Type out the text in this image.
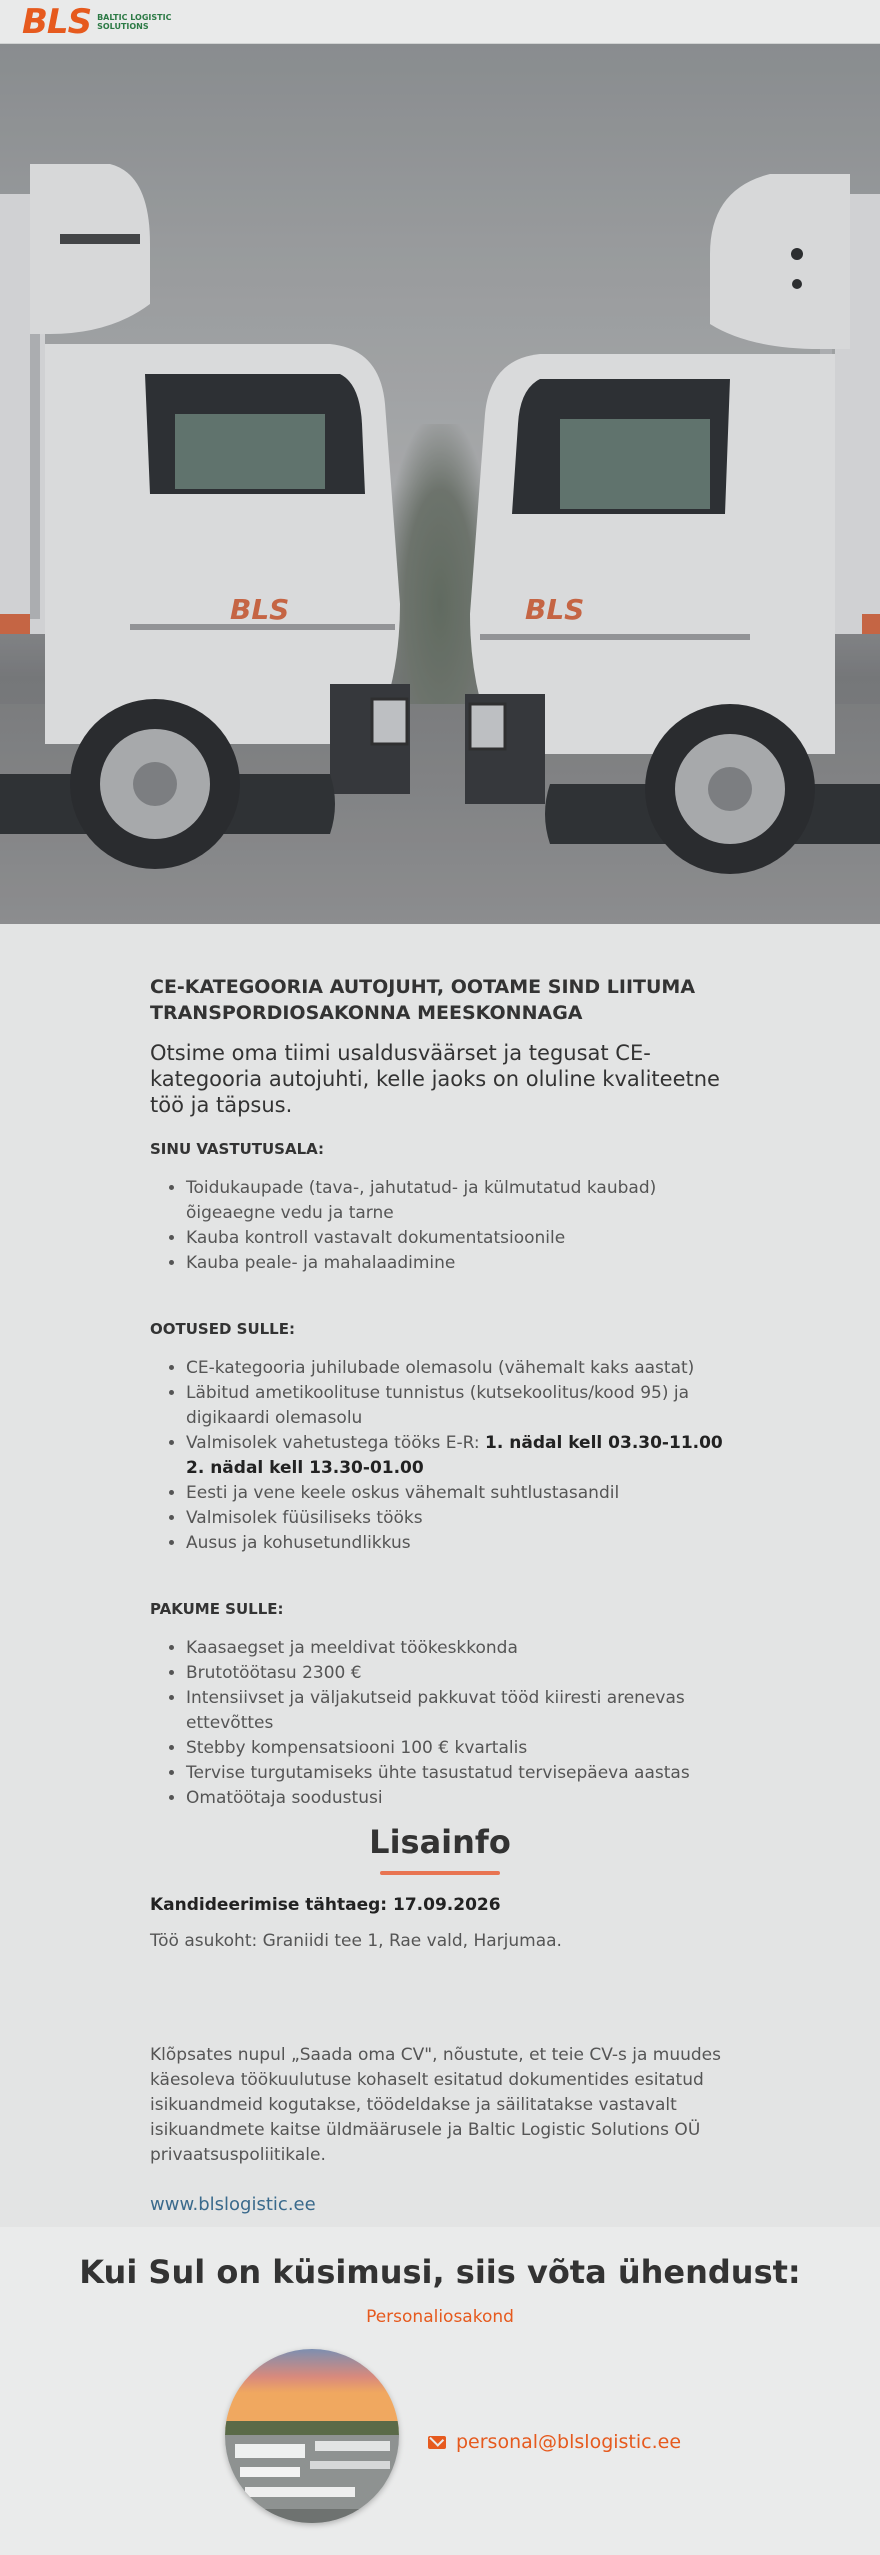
BLS BALTIC LOGISTIC
SOLUTIONS
BLS	BLS
CE-KATEGOORIA AUTOJUHT, OOTAME SIND LIITUMA TRANSPORDIOSAKONNA MEESKONNAGA

Otsime oma tiimi usaldusväärset ja tegusat CE-kategooria autojuhti, kelle jaoks on oluline kvaliteetne töö ja täpsus.

SINU VASTUTUSALA:
• Toidukaupade (tava-, jahutatud- ja külmutatud kaubad) õigeaegne vedu ja tarne
• Kauba kontroll vastavalt dokumentatsioonile
• Kauba peale- ja mahalaadimine
OOTUSED SULLE:
• CE-kategooria juhilubade olemasolu (vähemalt kaks aastat)
• Läbitud ametikoolituse tunnistus (kutsekoolitus/kood 95) ja digikaardi olemasolu
• Valmisolek vahetustega tööks E-R: 1. nädal kell 03.30-11.00 2. nädal kell 13.30-01.00
• Eesti ja vene keele oskus vähemalt suhtlustasandil
• Valmisolek füüsiliseks tööks
• Ausus ja kohusetundlikkus
PAKUME SULLE:
• Kaasaegset ja meeldivat töökeskkonda
• Brutotöötasu 2300 €
• Intensiivset ja väljakutseid pakkuvat tööd kiiresti arenevas ettevõttes
• Stebby kompensatsiooni 100 € kvartalis
• Tervise turgutamiseks ühte tasustatud tervisepäeva aastas
• Omatöötaja soodustusi
Lisainfo

Kandideerimise tähtaeg: 17.09.2026

Töö asukoht: Graniidi tee 1, Rae vald, Harjumaa.

Klõpsates nupul „Saada oma CV", nõustute, et teie CV-s ja muudes käesoleva töökuulutuse kohaselt esitatud dokumentides esitatud isikuandmeid kogutakse, töödeldakse ja säilitatakse vastavalt isikuandmete kaitse üldmäärusele ja Baltic Logistic Solutions OÜ privaatsuspoliitikale.

www.blslogistic.ee
Kui Sul on küsimusi, siis võta ühendust:

Personaliosakond

personal@blslogistic.ee
